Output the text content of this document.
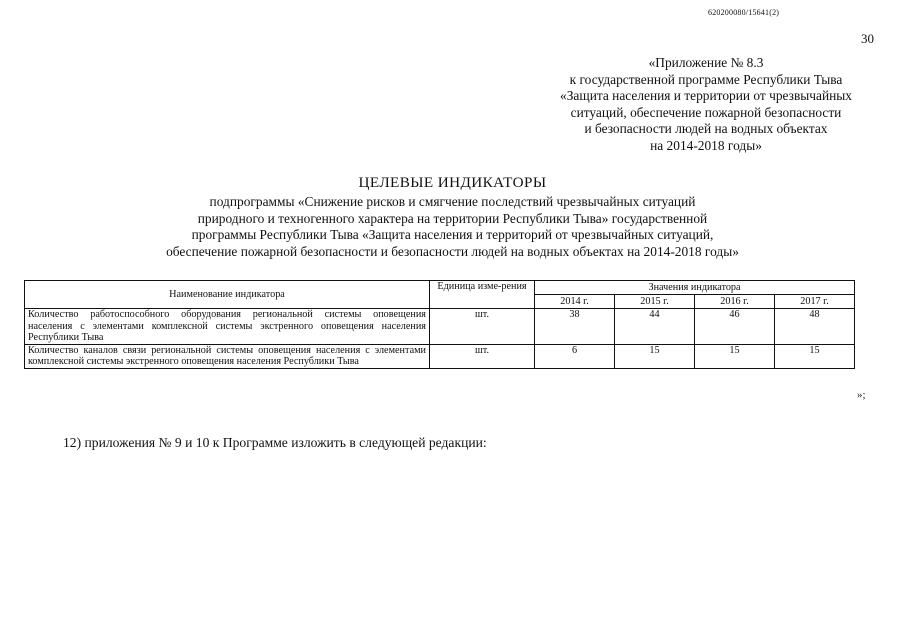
620200080/15641(2)
30
«Приложение № 8.3
к государственной программе Республики Тыва
«Защита населения и территории от чрезвычайных
ситуаций, обеспечение пожарной безопасности
и безопасности людей на водных объектах
на 2014-2018 годы»
ЦЕЛЕВЫЕ ИНДИКАТОРЫ
подпрограммы «Снижение рисков и смягчение последствий чрезвычайных ситуаций
природного и техногенного характера на территории Республики Тыва» государственной
программы Республики Тыва «Защита населения и территорий от чрезвычайных ситуаций,
обеспечение пожарной безопасности и безопасности людей на водных объектах на 2014-2018 годы»
Наименование индикатора	Единица изме-рения	Значения индикатора			
		2014 г.	2015 г.	2016 г.	2017 г.
Количество работоспособного оборудования региональной системы оповещения населения с элементами комплексной системы экстренного оповещения населения Республики Тыва	шт.	38	44	46	48
Количество каналов связи региональной системы оповещения населения с элементами комплексной системы экстренного оповещения населения Республики Тыва	шт.	6	15	15	15
»;
12) приложения № 9 и 10 к Программе изложить в следующей редакции:
